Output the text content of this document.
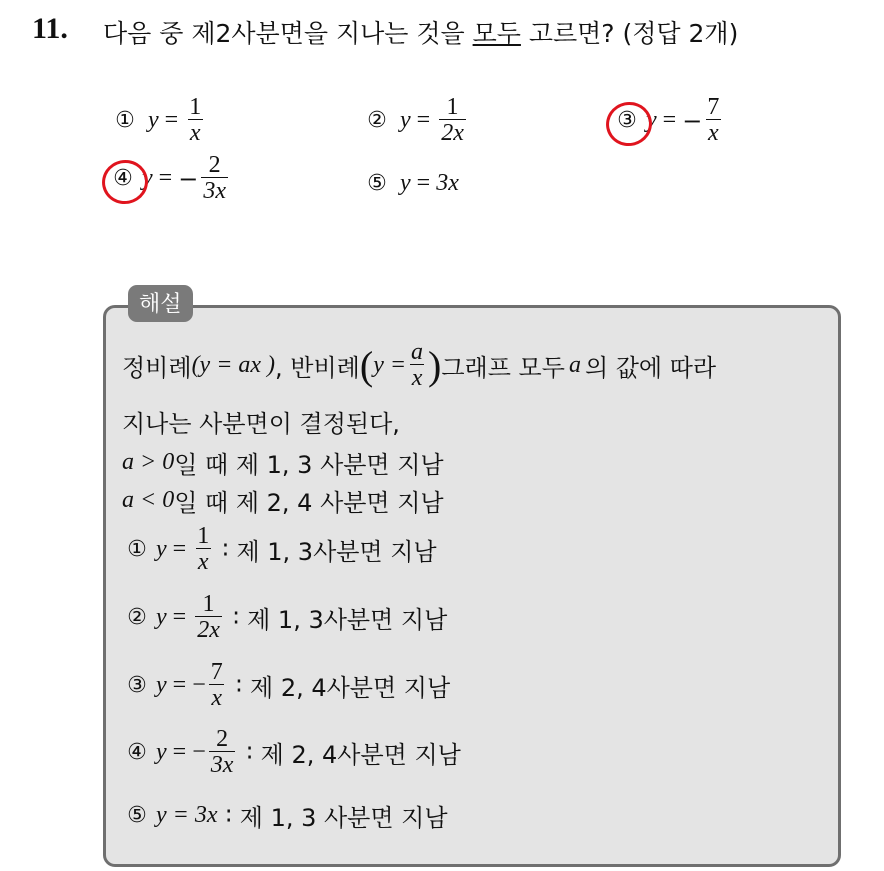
11. 다음 중 제2사분면을 지나는 것을 모두 고르면? (정답 2개)
① $y = \frac{1}{x}$	② $y = \frac{1}{2x}$	③ y = − $\frac{7}{x}$
④ y = − $\frac{2}{3x}$	⑤ y = 3x
해설
정비례 (y = ax ) , 반비례 ( $y = \frac{a}{x}$ ) 그래프 모두 a 의 값에 따라
지나는 사분면이 결정된다,
a > 0 일 때 제 1, 3 사분면 지남
a < 0 일 때 제 2, 4 사분면 지남
① $y = \frac{1}{x}$ ∶ 제 1, 3사분면 지남
② $y = \frac{1}{2x}$ ∶ 제 1, 3사분면 지남
③ y = − $\frac{7}{x}$ ∶ 제 2, 4사분면 지남
④ y = − $\frac{2}{3x}$ ∶ 제 2, 4사분면 지남
⑤ y = 3x ∶ 제 1, 3 사분면 지남
